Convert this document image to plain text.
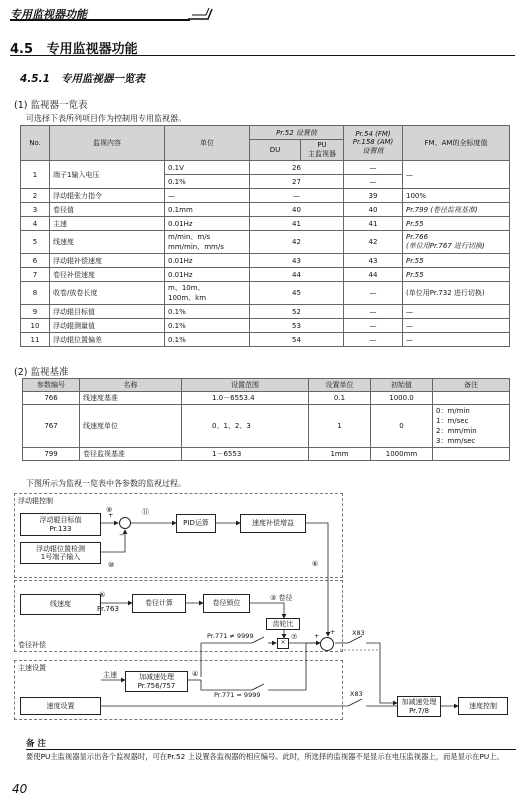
专用监视器功能
4.5 专用监视器功能
4.5.1 专用监视器一览表
(1) 监视器一览表
可选择下表所列项目作为控制用专用监视器。
No.	监视内容	单位	Pr.52 设置值		Pr.54 (FM)
Pr.158 (AM)
设置值	FM、AM的全标度值
			DU	PU
主监视器		
1	端子1输入电压	0.1V	26		—	—
		0.1%	27		—	
2	浮动辊张力指令	—	—		39	100%
3	卷径值	0.1mm	40		40	Pr.799 (卷径监视基准)
4	主速	0.01Hz	41		41	Pr.55
5	线速度	m/min、m/s
mm/min、mm/s	42		42	Pr.766
(单位用Pr.767 进行切换)
6	浮动辊补偿速度	0.01Hz	43		43	Pr.55
7	卷径补偿速度	0.01Hz	44		44	Pr.55
8	收卷/放卷长度	m、10m、
100m、km	45		—	(单位用Pr.732 进行切换)
9	浮动辊目标值	0.1%	52		—	—
10	浮动辊测量值	0.1%	53		—	—
11	浮动辊位置偏差	0.1%	54		—	—
(2) 监视基准
参数编号	名称	设置范围	设置单位	初始值	备注
766	线速度基准	1.0－6553.4	0.1	1000.0	
767	线速度单位	0、1、2、3	1	0	0：m/min
1：m/sec
2：mm/min
3：mm/sec
799	卷径监视基准	1－6553	1mm	1000mm	
下图所示为监视一览表中各参数的监视过程。
浮动辊控制
卷径补偿
主速设置
浮动辊目标值
Pr.133
浮动辊位置检测
1号端子输入
+
−
⑨	⑪
⑩
PID运算	速度补偿增益
⑥
线速度
⑤
Pr.763
卷径计算	卷径锁位
③ 卷径
齿轮比
Pr.771 ≠ 9999
×
⑦	+ +	X83
主速	加减速处理
Pr.756/757
④
Pr.771 = 9999	X83
速度设置	加减速处理
Pr.7/8
速度控制
备 注
要使PU主监视器显示出各个监视器时，可在Pr.52 上设置各监视器的相应编号。此时，所选择的监视器不是显示在电压监视器上，而是显示在PU上。
40
